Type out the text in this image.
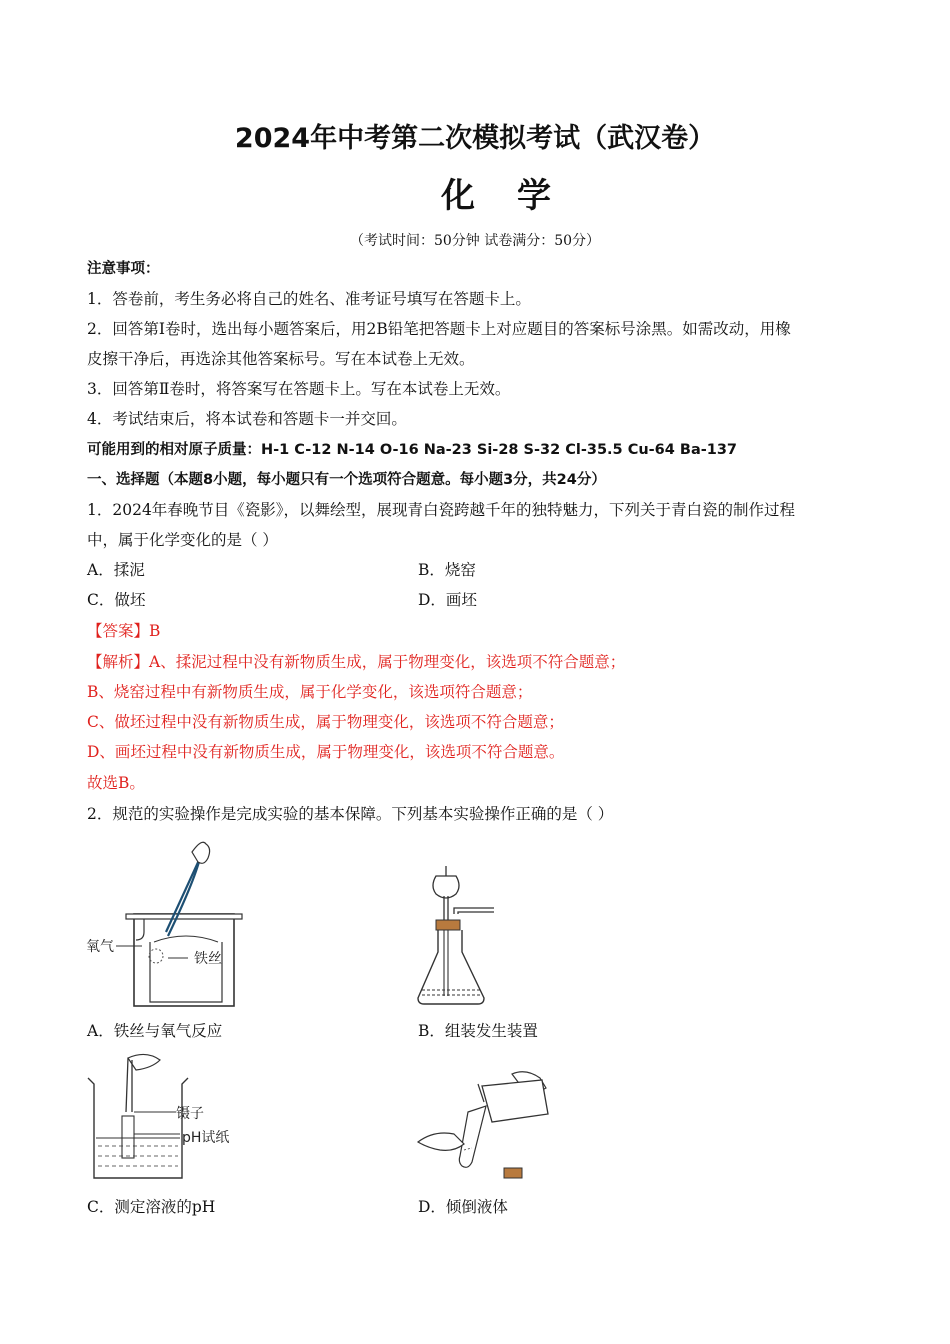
2024年中考第二次模拟考试（武汉卷）
化学
（考试时间：50分钟 试卷满分：50分）
注意事项：
1．答卷前，考生务必将自己的姓名、准考证号填写在答题卡上。
2．回答第Ⅰ卷时，选出每小题答案后，用2B铅笔把答题卡上对应题目的答案标号涂黑。如需改动，用橡
皮擦干净后，再选涂其他答案标号。写在本试卷上无效。
3．回答第Ⅱ卷时，将答案写在答题卡上。写在本试卷上无效。
4．考试结束后，将本试卷和答题卡一并交回。
可能用到的相对原子质量：H-1 C-12 N-14 O-16 Na-23 Si-28 S-32 Cl-35.5 Cu-64 Ba-137
一、选择题（本题8小题，每小题只有一个选项符合题意。每小题3分，共24分）
1．2024年春晚节目《瓷影》，以舞绘型，展现青白瓷跨越千年的独特魅力，下列关于青白瓷的制作过程
中，属于化学变化的是（ ）
A．揉泥	B．烧窑
C．做坯	D．画坯
【答案】B
【解析】A、揉泥过程中没有新物质生成，属于物理变化，该选项不符合题意；
B、烧窑过程中有新物质生成，属于化学变化，该选项符合题意；
C、做坯过程中没有新物质生成，属于物理变化，该选项不符合题意；
D、画坯过程中没有新物质生成，属于物理变化，该选项不符合题意。
故选B。
2．规范的实验操作是完成实验的基本保障。下列基本实验操作正确的是（ ）
氧气
铁丝
A．铁丝与氧气反应	B．组装发生装置
镊子
pH试纸
C．测定溶液的pH	D．倾倒液体
